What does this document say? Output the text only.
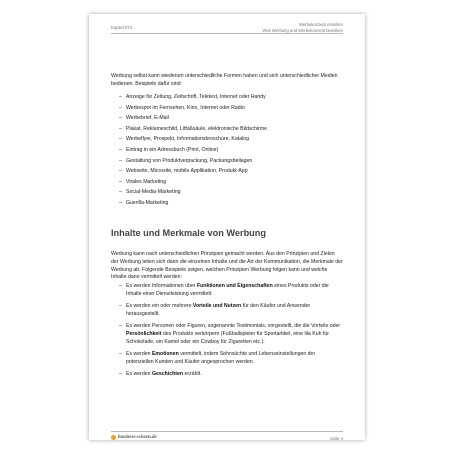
Kapitel 073
Werbekonzept erstellen
Was Werbung und Werbekonzept bewirken
Werbung selbst kann wiederum unterschiedliche Formen haben und sich unterschiedlicher Medien bedienen. Beispiele dafür sind:
– Anzeige für Zeitung, Zeitschrift, Teletext, Internet oder Handy
– Werbespot im Fernsehen, Kino, Internet oder Radio
– Werbebrief, E-Mail
– Plakat, Reklameschild, Litfaßsäule, elektronische Bildschirme
– Werbeflyer, Prospekt, Informationsbroschüre, Katalog
– Eintrag in ein Adressbuch (Print, Online)
– Gestaltung von Produktverpackung, Packungsbeilagen
– Webseite, Microsite, mobile Applikation, Produkt-App
– Virales Marketing
– Social-Media-Marketing
– Guerilla-Marketing
Inhalte und Merkmale von Werbung
Werbung kann nach unterschiedlichen Prinzipien gemacht werden. Aus den Prinzipien und Zielen der Werbung leiten sich dann die einzelnen Inhalte und die Art der Kommunikation, die Merkmale der Werbung ab. Folgende Beispiele zeigen, welchen Prinzipien Werbung folgen kann und welche Inhalte dann vermittelt werden:
– Es werden Informationen über Funktionen und Eigenschaften eines Produkts oder die Inhalte einer Dienstleistung vermittelt.
– Es werden ein oder mehrere Vorteile und Nutzen für den Käufer und Anwender herausgestellt.
– Es werden Personen oder Figuren, sogenannte Testimonials, vorgestellt, die die Vorteile oder Persönlichkeit des Produkts verkörpern (Fußballspieler für Sportartikel, eine lila Kuh für Schokolade, ein Kamel oder ein Cowboy für Zigaretten etc.).
– Es werden Emotionen vermittelt, indem Sehnsüchte und Lebenseinstellungen der potenziellen Kunden und Käufer angesprochen werden.
– Es werden Geschichten erzählt.
business-wissen.de	Seite 4
